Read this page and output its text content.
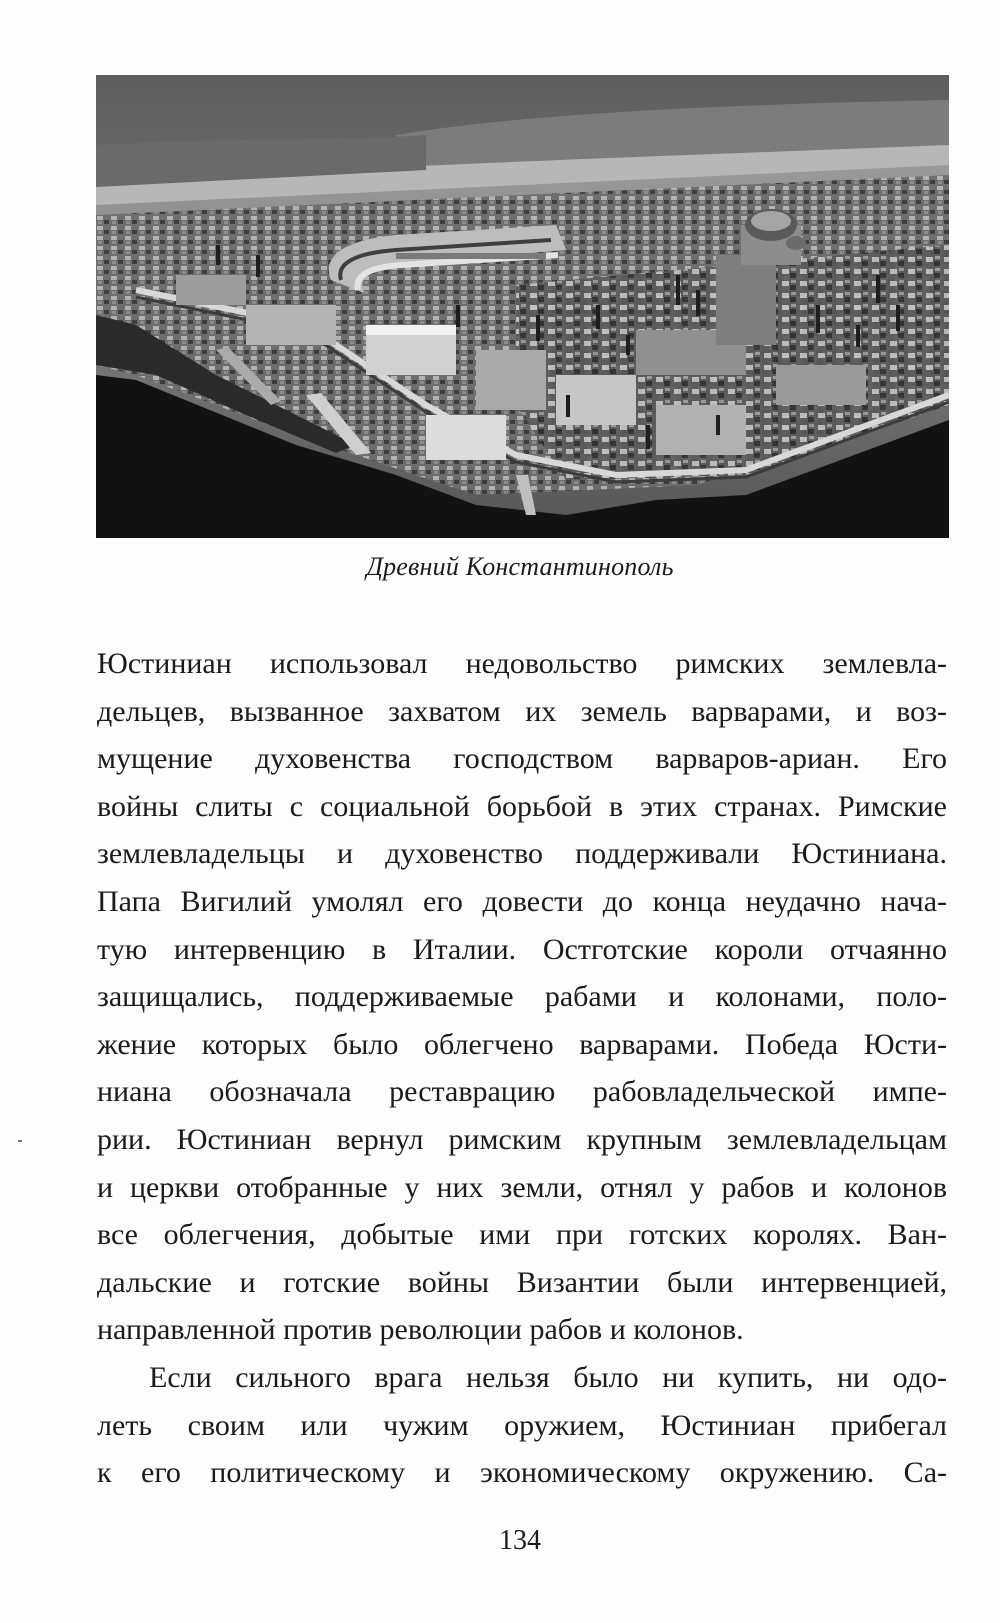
Древний Константинополь
Юстиниан использовал недовольство римских землевла-
дельцев, вызванное захватом их земель варварами, и воз-
мущение духовенства господством варваров-ариан. Его
войны слиты с социальной борьбой в этих странах. Римские
землевладельцы и духовенство поддерживали Юстиниана.
Папа Вигилий умолял его довести до конца неудачно нача-
тую интервенцию в Италии. Остготские короли отчаянно
защищались, поддерживаемые рабами и колонами, поло-
жение которых было облегчено варварами. Победа Юсти-
ниана обозначала реставрацию рабовладельческой импе-
рии. Юстиниан вернул римским крупным землевладельцам
и церкви отобранные у них земли, отнял у рабов и колонов
все облегчения, добытые ими при готских королях. Ван-
дальские и готские войны Византии были интервенцией,
направленной против революции рабов и колонов.
Если сильного врага нельзя было ни купить, ни одо-
леть своим или чужим оружием, Юстиниан прибегал
к его политическому и экономическому окружению. Са-
134
